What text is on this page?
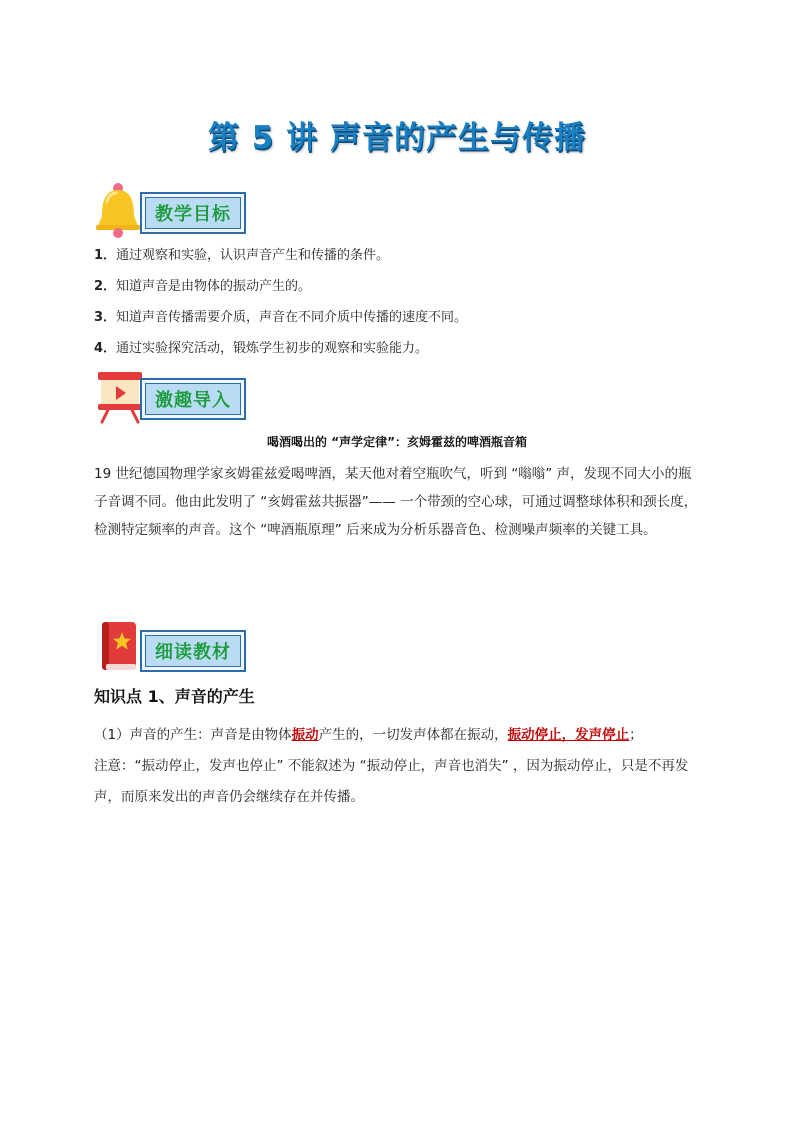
第 5 讲 声音的产生与传播
教学目标
1．通过观察和实验，认识声音产生和传播的条件。
2．知道声音是由物体的振动产生的。
3．知道声音传播需要介质，声音在不同介质中传播的速度不同。
4．通过实验探究活动，锻炼学生初步的观察和实验能力。
激趣导入
喝酒喝出的 “声学定律”：亥姆霍兹的啤酒瓶音箱
19 世纪德国物理学家亥姆霍兹爱喝啤酒，某天他对着空瓶吹气，听到 “嗡嗡” 声，发现不同大小的瓶子音调不同。他由此发明了 “亥姆霍兹共振器”—— 一个带颈的空心球，可通过调整球体积和颈长度，检测特定频率的声音。这个 “啤酒瓶原理” 后来成为分析乐器音色、检测噪声频率的关键工具。
细读教材
知识点 1、声音的产生
（1）声音的产生：声音是由物体振动产生的，一切发声体都在振动，振动停止，发声停止；
注意：“振动停止，发声也停止” 不能叙述为 “振动停止，声音也消失” ，因为振动停止，只是不再发声，而原来发出的声音仍会继续存在并传播。
